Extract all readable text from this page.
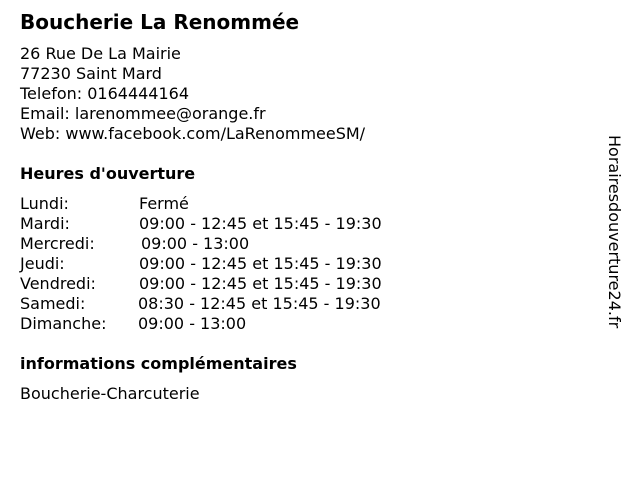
Boucherie La Renommée
26 Rue De La Mairie
77230 Saint Mard
Telefon: 0164444164
Email: larenommee@orange.fr
Web: www.facebook.com/LaRenommeeSM/
Heures d'ouverture
Lundi:	Fermé
Mardi:	09:00 - 12:45 et 15:45 - 19:30
Mercredi:	09:00 - 13:00
Jeudi:	09:00 - 12:45 et 15:45 - 19:30
Vendredi:	09:00 - 12:45 et 15:45 - 19:30
Samedi:	08:30 - 12:45 et 15:45 - 19:30
Dimanche: 09:00 - 13:00
informations complémentaires
Boucherie-Charcuterie
Horairesdouverture24.fr
